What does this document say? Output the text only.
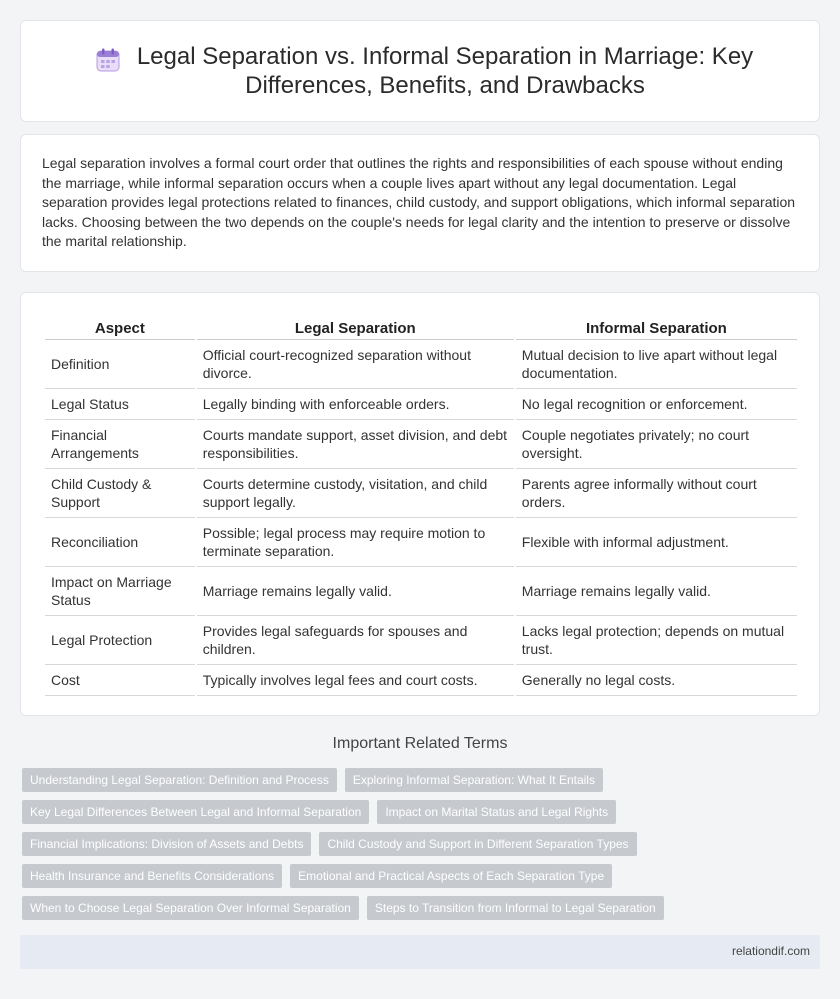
Legal Separation vs. Informal Separation in Marriage: Key Differences, Benefits, and Drawbacks

Legal separation involves a formal court order that outlines the rights and responsibilities of each spouse without ending the marriage, while informal separation occurs when a couple lives apart without any legal documentation. Legal separation provides legal protections related to finances, child custody, and support obligations, which informal separation lacks. Choosing between the two depends on the couple's needs for legal clarity and the intention to preserve or dissolve the marital relationship.

Aspect	Legal Separation	Informal Separation
Definition	Official court-recognized separation without divorce.	Mutual decision to live apart without legal documentation.
Legal Status	Legally binding with enforceable orders.	No legal recognition or enforcement.
Financial Arrangements	Courts mandate support, asset division, and debt responsibilities.	Couple negotiates privately; no court oversight.
Child Custody & Support	Courts determine custody, visitation, and child support legally.	Parents agree informally without court orders.
Reconciliation	Possible; legal process may require motion to terminate separation.	Flexible with informal adjustment.
Impact on Marriage Status	Marriage remains legally valid.	Marriage remains legally valid.
Legal Protection	Provides legal safeguards for spouses and children.	Lacks legal protection; depends on mutual trust.
Cost	Typically involves legal fees and court costs.	Generally no legal costs.
Important Related Terms
Understanding Legal Separation: Definition and Process	Exploring Informal Separation: What It Entails
Key Legal Differences Between Legal and Informal Separation	Impact on Marital Status and Legal Rights
Financial Implications: Division of Assets and Debts	Child Custody and Support in Different Separation Types
Health Insurance and Benefits Considerations	Emotional and Practical Aspects of Each Separation Type
When to Choose Legal Separation Over Informal Separation	Steps to Transition from Informal to Legal Separation
relationdif.com
